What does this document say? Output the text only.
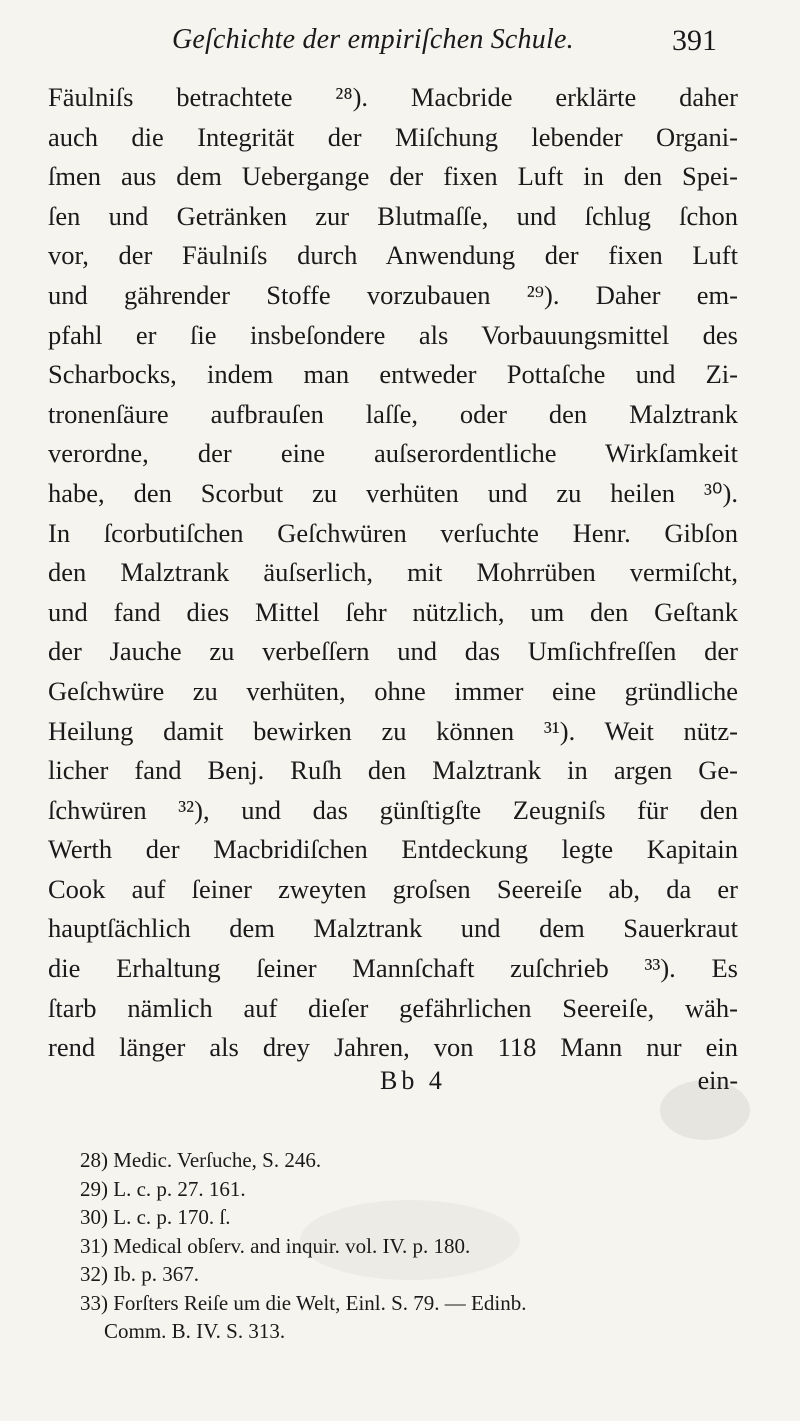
Geſchichte der empiriſchen Schule.	391
Fäulniſs betrachtete ²⁸). Macbride erklärte daher
auch die Integrität der Miſchung lebender Organi-
ſmen aus dem Uebergange der fixen Luft in den Spei-
ſen und Getränken zur Blutmaſſe, und ſchlug ſchon
vor, der Fäulniſs durch Anwendung der fixen Luft
und gährender Stoffe vorzubauen ²⁹). Daher em-
pfahl er ſie insbeſondere als Vorbauungsmittel des
Scharbocks, indem man entweder Pottaſche und Zi-
tronenſäure aufbrauſen laſſe, oder den Malztrank
verordne, der eine auſserordentliche Wirkſamkeit
habe, den Scorbut zu verhüten und zu heilen ³⁰).
In ſcorbutiſchen Geſchwüren verſuchte Henr. Gibſon
den Malztrank äuſserlich, mit Mohrrüben vermiſcht,
und fand dies Mittel ſehr nützlich, um den Geſtank
der Jauche zu verbeſſern und das Umſichfreſſen der
Geſchwüre zu verhüten, ohne immer eine gründliche
Heilung damit bewirken zu können ³¹). Weit nütz-
licher fand Benj. Ruſh den Malztrank in argen Ge-
ſchwüren ³²), und das günſtigſte Zeugniſs für den
Werth der Macbridiſchen Entdeckung legte Kapitain
Cook auf ſeiner zweyten groſsen Seereiſe ab, da er
hauptſächlich dem Malztrank und dem Sauerkraut
die Erhaltung ſeiner Mannſchaft zuſchrieb ³³). Es
ſtarb nämlich auf dieſer gefährlichen Seereiſe, wäh-
rend länger als drey Jahren, von 118 Mann nur ein
Bb 4	ein-
28) Medic. Verſuche, S. 246.
29) L. c. p. 27. 161.
30) L. c. p. 170. ſ.
31) Medical obſerv. and inquir. vol. IV. p. 180.
32) Ib. p. 367.
33) Forſters Reiſe um die Welt, Einl. S. 79. — Edinb.
Comm. B. IV. S. 313.
